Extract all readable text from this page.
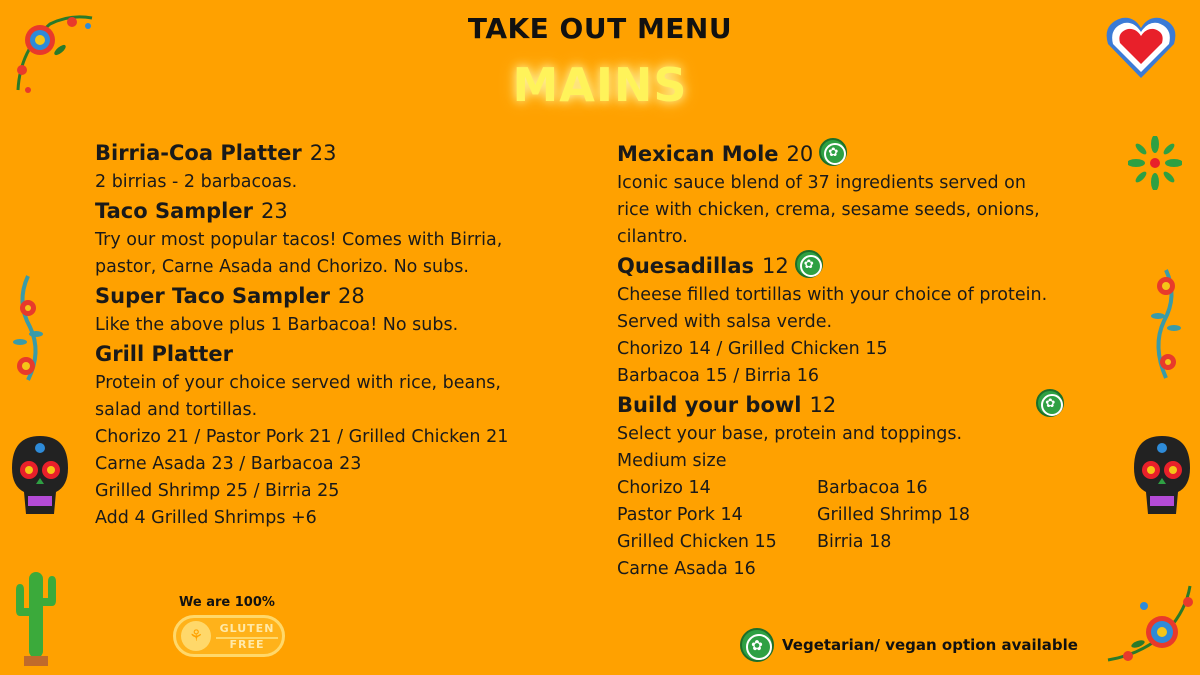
TAKE OUT MENU
MAINS
Birria-Coa Platter 23
2 birrias - 2 barbacoas.
Taco Sampler 23
Try our most popular tacos! Comes with Birria,
pastor, Carne Asada and Chorizo. No subs.
Super Taco Sampler 28
Like the above plus 1 Barbacoa! No subs.
Grill Platter
Protein of your choice served with rice, beans,
salad and tortillas.
Chorizo 21 / Pastor Pork 21 / Grilled Chicken 21
Carne Asada 23 / Barbacoa 23
Grilled Shrimp 25 / Birria 25
Add 4 Grilled Shrimps +6
Mexican Mole 20✿
Iconic sauce blend of 37 ingredients served on
rice with chicken, crema, sesame seeds, onions,
cilantro.
Quesadillas 12✿
Cheese filled tortillas with your choice of protein.
Served with salsa verde.
Chorizo 14 / Grilled Chicken 15
Barbacoa 15 / Birria 16
Build your bowl 12✿
Select your base, protein and toppings.
Medium size
Chorizo 14	Barbacoa 16
Pastor Pork 14	Grilled Shrimp 18
Grilled Chicken 15	Birria 18
Carne Asada 16
We are 100%
⚘	GLUTEN
FREE
✿	Vegetarian/ vegan option available
